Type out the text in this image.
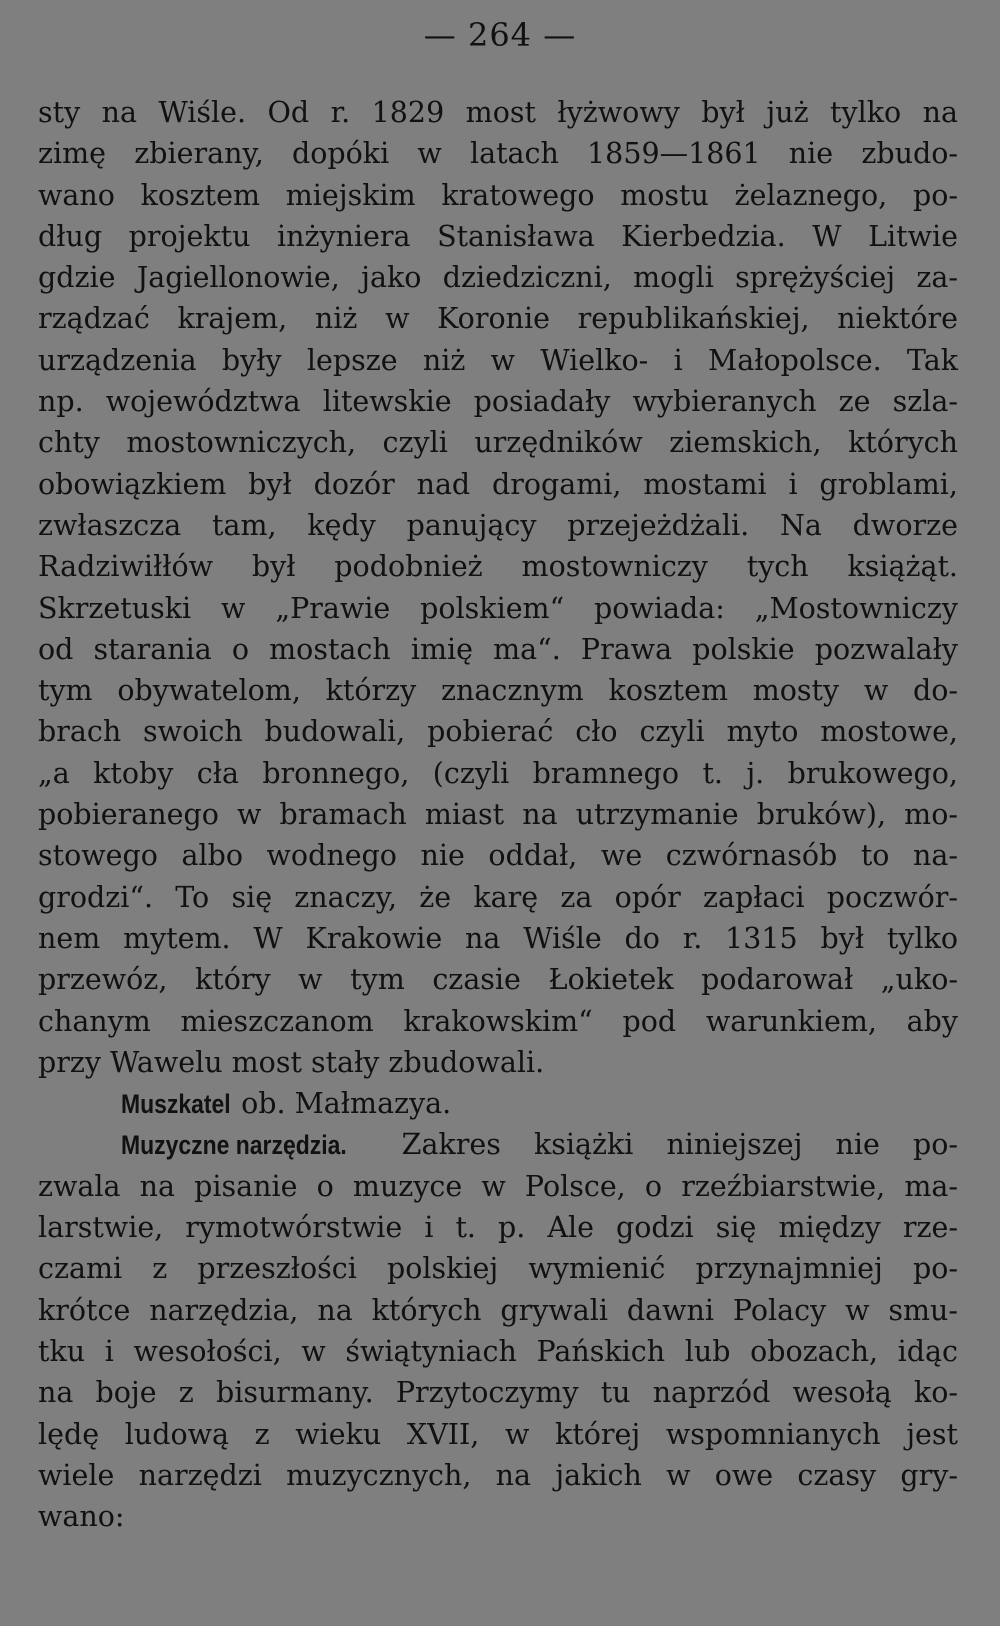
— 264 —
sty na Wiśle. Od r. 1829 most łyżwowy był już tylko na
zimę zbierany, dopóki w latach 1859—1861 nie zbudo-
wano kosztem miejskim kratowego mostu żelaznego, po-
dług projektu inżyniera Stanisława Kierbedzia. W Litwie
gdzie Jagiellonowie, jako dziedziczni, mogli sprężyściej za-
rządzać krajem, niż w Koronie republikańskiej, niektóre
urządzenia były lepsze niż w Wielko- i Małopolsce. Tak
np. województwa litewskie posiadały wybieranych ze szla-
chty mostowniczych, czyli urzędników ziemskich, których
obowiązkiem był dozór nad drogami, mostami i groblami,
zwłaszcza tam, kędy panujący przejeżdżali. Na dworze
Radziwiłłów był podobnież mostowniczy tych książąt.
Skrzetuski w „Prawie polskiem“ powiada: „Mostowniczy
od starania o mostach imię ma“. Prawa polskie pozwalały
tym obywatelom, którzy znacznym kosztem mosty w do-
brach swoich budowali, pobierać cło czyli myto mostowe,
„a ktoby cła bronnego, (czyli bramnego t. j. brukowego,
pobieranego w bramach miast na utrzymanie bruków), mo-
stowego albo wodnego nie oddał, we czwórnasób to na-
grodzi“. To się znaczy, że karę za opór zapłaci poczwór-
nem mytem. W Krakowie na Wiśle do r. 1315 był tylko
przewóz, który w tym czasie Łokietek podarował „uko-
chanym mieszczanom krakowskim“ pod warunkiem, aby
przy Wawelu most stały zbudowali.
Muszkatel ob. Małmazya.
Muzyczne narzędzia. Zakres książki niniejszej nie po-
zwala na pisanie o muzyce w Polsce, o rzeźbiarstwie, ma-
larstwie, rymotwórstwie i t. p. Ale godzi się między rze-
czami z przeszłości polskiej wymienić przynajmniej po-
krótce narzędzia, na których grywali dawni Polacy w smu-
tku i wesołości, w świątyniach Pańskich lub obozach, idąc
na boje z bisurmany. Przytoczymy tu naprzód wesołą ko-
lędę ludową z wieku XVII, w której wspomnianych jest
wiele narzędzi muzycznych, na jakich w owe czasy gry-
wano:
